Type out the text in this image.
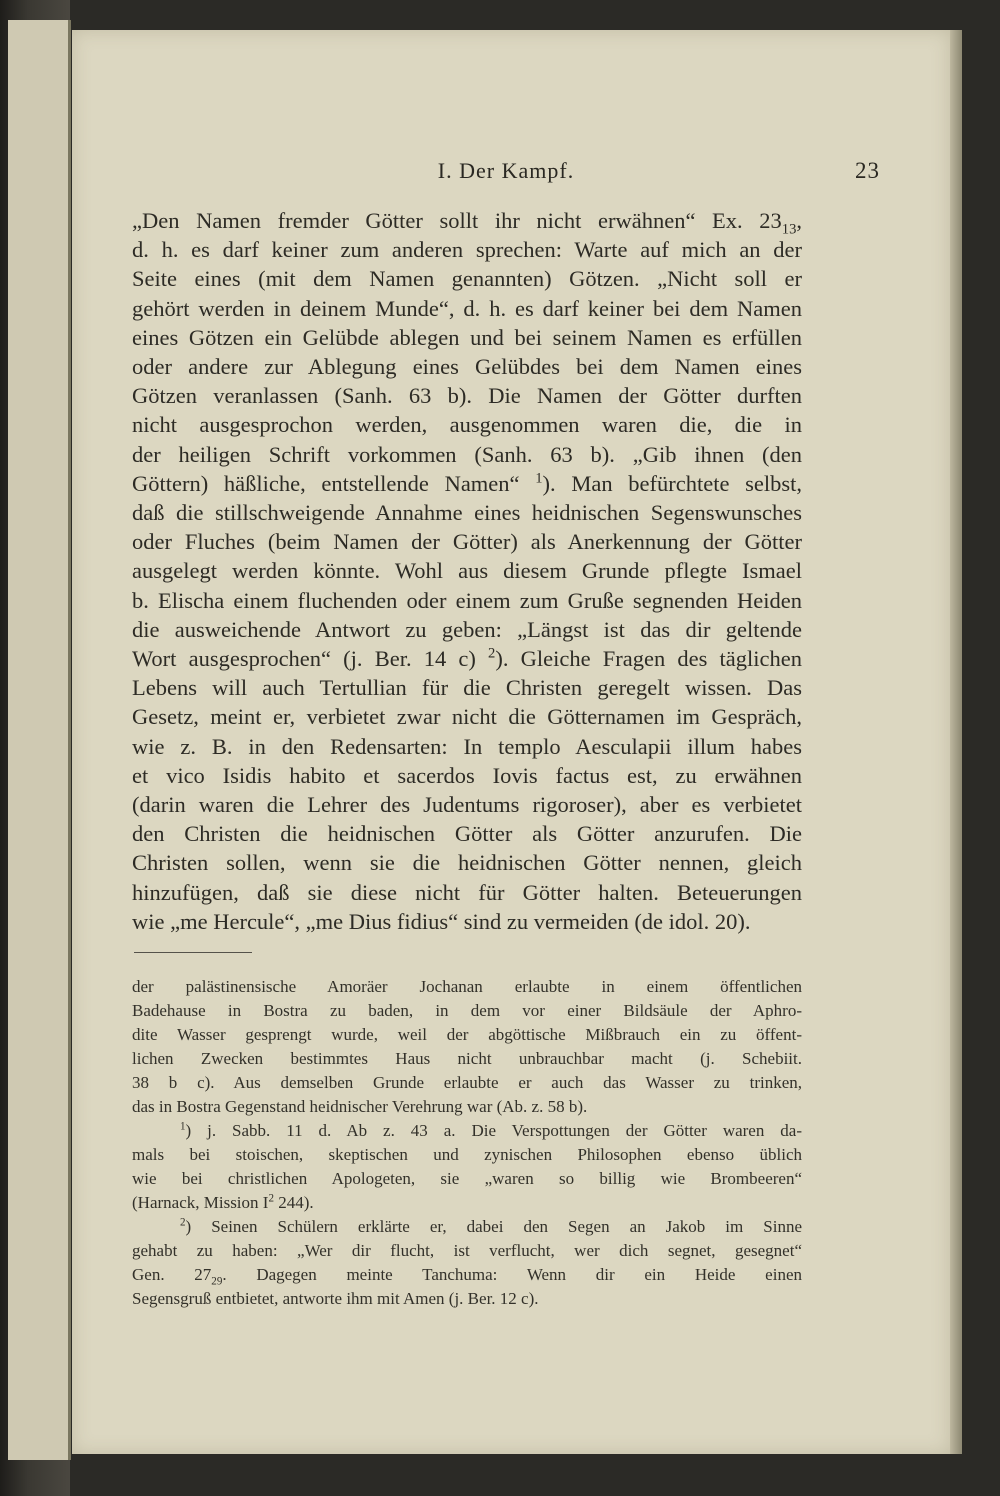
I. Der Kampf.	23
„Den Namen fremder Götter sollt ihr nicht erwähnen“ Ex. $23_{13}$,
d. h. es darf keiner zum anderen sprechen: Warte auf mich an der
Seite eines (mit dem Namen genannten) Götzen. „Nicht soll er
gehört werden in deinem Munde“, d. h. es darf keiner bei dem Namen
eines Götzen ein Gelübde ablegen und bei seinem Namen es erfüllen
oder andere zur Ablegung eines Gelübdes bei dem Namen eines
Götzen veranlassen (Sanh. 63 b). Die Namen der Götter durften
nicht ausgesprochon werden, ausgenommen waren die, die in
der heiligen Schrift vorkommen (Sanh. 63 b). „Gib ihnen (den
Göttern) häßliche, entstellende Namen“ $^1$). Man befürchtete selbst,
daß die stillschweigende Annahme eines heidnischen Segenswunsches
oder Fluches (beim Namen der Götter) als Anerkennung der Götter
ausgelegt werden könnte. Wohl aus diesem Grunde pflegte Ismael
b. Elischa einem fluchenden oder einem zum Gruße segnenden Heiden
die ausweichende Antwort zu geben: „Längst ist das dir geltende
Wort ausgesprochen“ (j. Ber. 14 c) $^2$). Gleiche Fragen des täglichen
Lebens will auch Tertullian für die Christen geregelt wissen. Das
Gesetz, meint er, verbietet zwar nicht die Götternamen im Gespräch,
wie z. B. in den Redensarten: In templo Aesculapii illum habes
et vico Isidis habito et sacerdos Iovis factus est, zu erwähnen
(darin waren die Lehrer des Judentums rigoroser), aber es verbietet
den Christen die heidnischen Götter als Götter anzurufen. Die
Christen sollen, wenn sie die heidnischen Götter nennen, gleich
hinzufügen, daß sie diese nicht für Götter halten. Beteuerungen
wie „me Hercule“, „me Dius fidius“ sind zu vermeiden (de idol. 20).
der palästinensische Amoräer Jochanan erlaubte in einem öffentlichen
Badehause in Bostra zu baden, in dem vor einer Bildsäule der Aphro-
dite Wasser gesprengt wurde, weil der abgöttische Mißbrauch ein zu öffent-
lichen Zwecken bestimmtes Haus nicht unbrauchbar macht (j. Schebiit.
38 b c). Aus demselben Grunde erlaubte er auch das Wasser zu trinken,
das in Bostra Gegenstand heidnischer Verehrung war (Ab. z. 58 b).
$^1$) j. Sabb. 11 d. Ab z. 43 a. Die Verspottungen der Götter waren da-
mals bei stoischen, skeptischen und zynischen Philosophen ebenso üblich
wie bei christlichen Apologeten, sie „waren so billig wie Brombeeren“
(Harnack, Mission $I^2$ 244).
$^2$) Seinen Schülern erklärte er, dabei den Segen an Jakob im Sinne
gehabt zu haben: „Wer dir flucht, ist verflucht, wer dich segnet, gesegnet“
Gen. $27_{29}$. Dagegen meinte Tanchuma: Wenn dir ein Heide einen
Segensgruß entbietet, antworte ihm mit Amen (j. Ber. 12 c).
